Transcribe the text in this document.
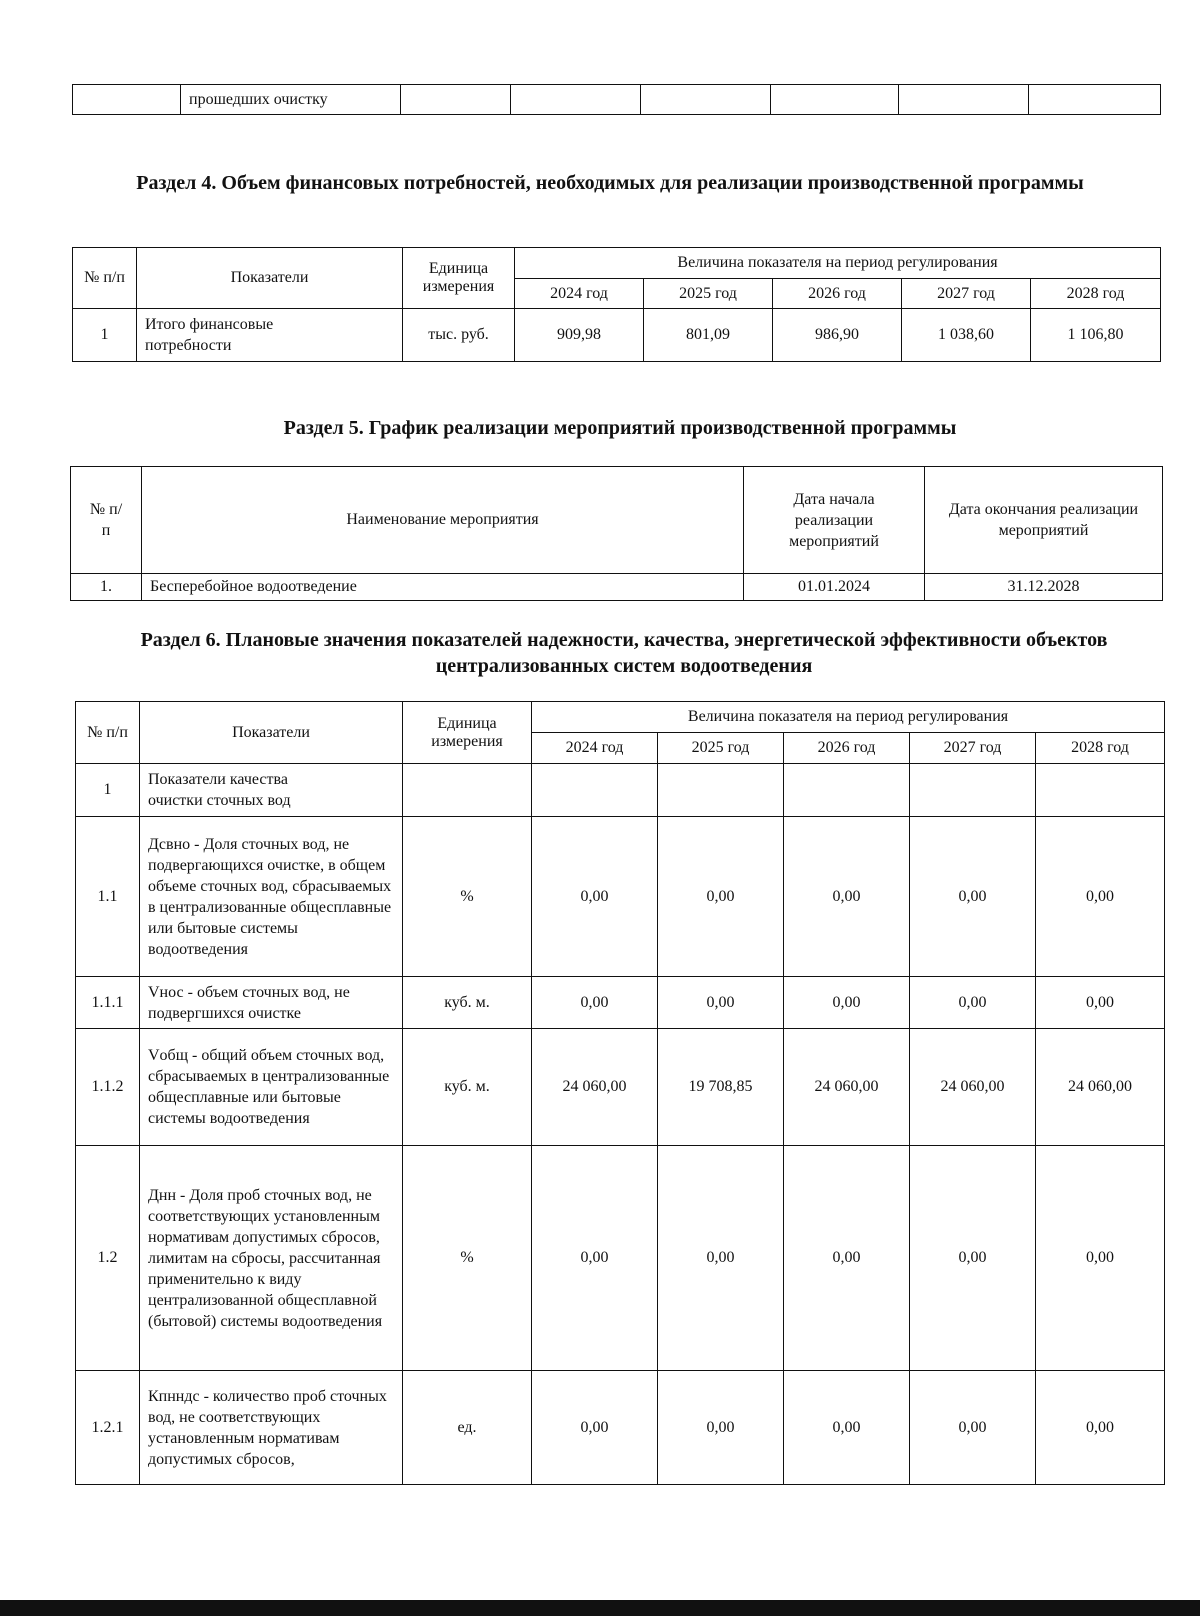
	прошедших очистку						
Раздел 4. Объем финансовых потребностей, необходимых для реализации производственной программы
№ п/п	Показатели	Единица измерения	Величина показателя на период регулирования				
			2024 год	2025 год	2026 год	2027 год	2028 год
1	Итого финансовые потребности	тыс. руб.	909,98	801,09	986,90	1 038,60	1 106,80
Раздел 5. График реализации мероприятий производственной программы
№ п/п	Наименование мероприятия	Дата начала реализации мероприятий	Дата окончания реализации мероприятий
1.	Бесперебойное водоотведение	01.01.2024	31.12.2028
Раздел 6. Плановые значения показателей надежности, качества, энергетической эффективности объектов централизованных систем водоотведения
№ п/п	Показатели	Единица измерения	Величина показателя на период регулирования				
			2024 год	2025 год	2026 год	2027 год	2028 год
1	Показатели качества очистки сточных вод						
1.1	Дсвно - Доля сточных вод, не подвергающихся очистке, в общем объеме сточных вод, сбрасываемых в централизованные общесплавные или бытовые системы водоотведения	%	0,00	0,00	0,00	0,00	0,00
1.1.1	Vнос - объем сточных вод, не подвергшихся очистке	куб. м.	0,00	0,00	0,00	0,00	0,00
1.1.2	Vобщ - общий объем сточных вод, сбрасываемых в централизованные общесплавные или бытовые системы водоотведения	куб. м.	24 060,00	19 708,85	24 060,00	24 060,00	24 060,00
1.2	Днн - Доля проб сточных вод, не соответствующих установленным нормативам допустимых сбросов, лимитам на сбросы, рассчитанная применительно к виду централизованной общесплавной (бытовой) системы водоотведения	%	0,00	0,00	0,00	0,00	0,00
1.2.1	Кпнндс - количество проб сточных вод, не соответствующих установленным нормативам допустимых сбросов,	ед.	0,00	0,00	0,00	0,00	0,00
